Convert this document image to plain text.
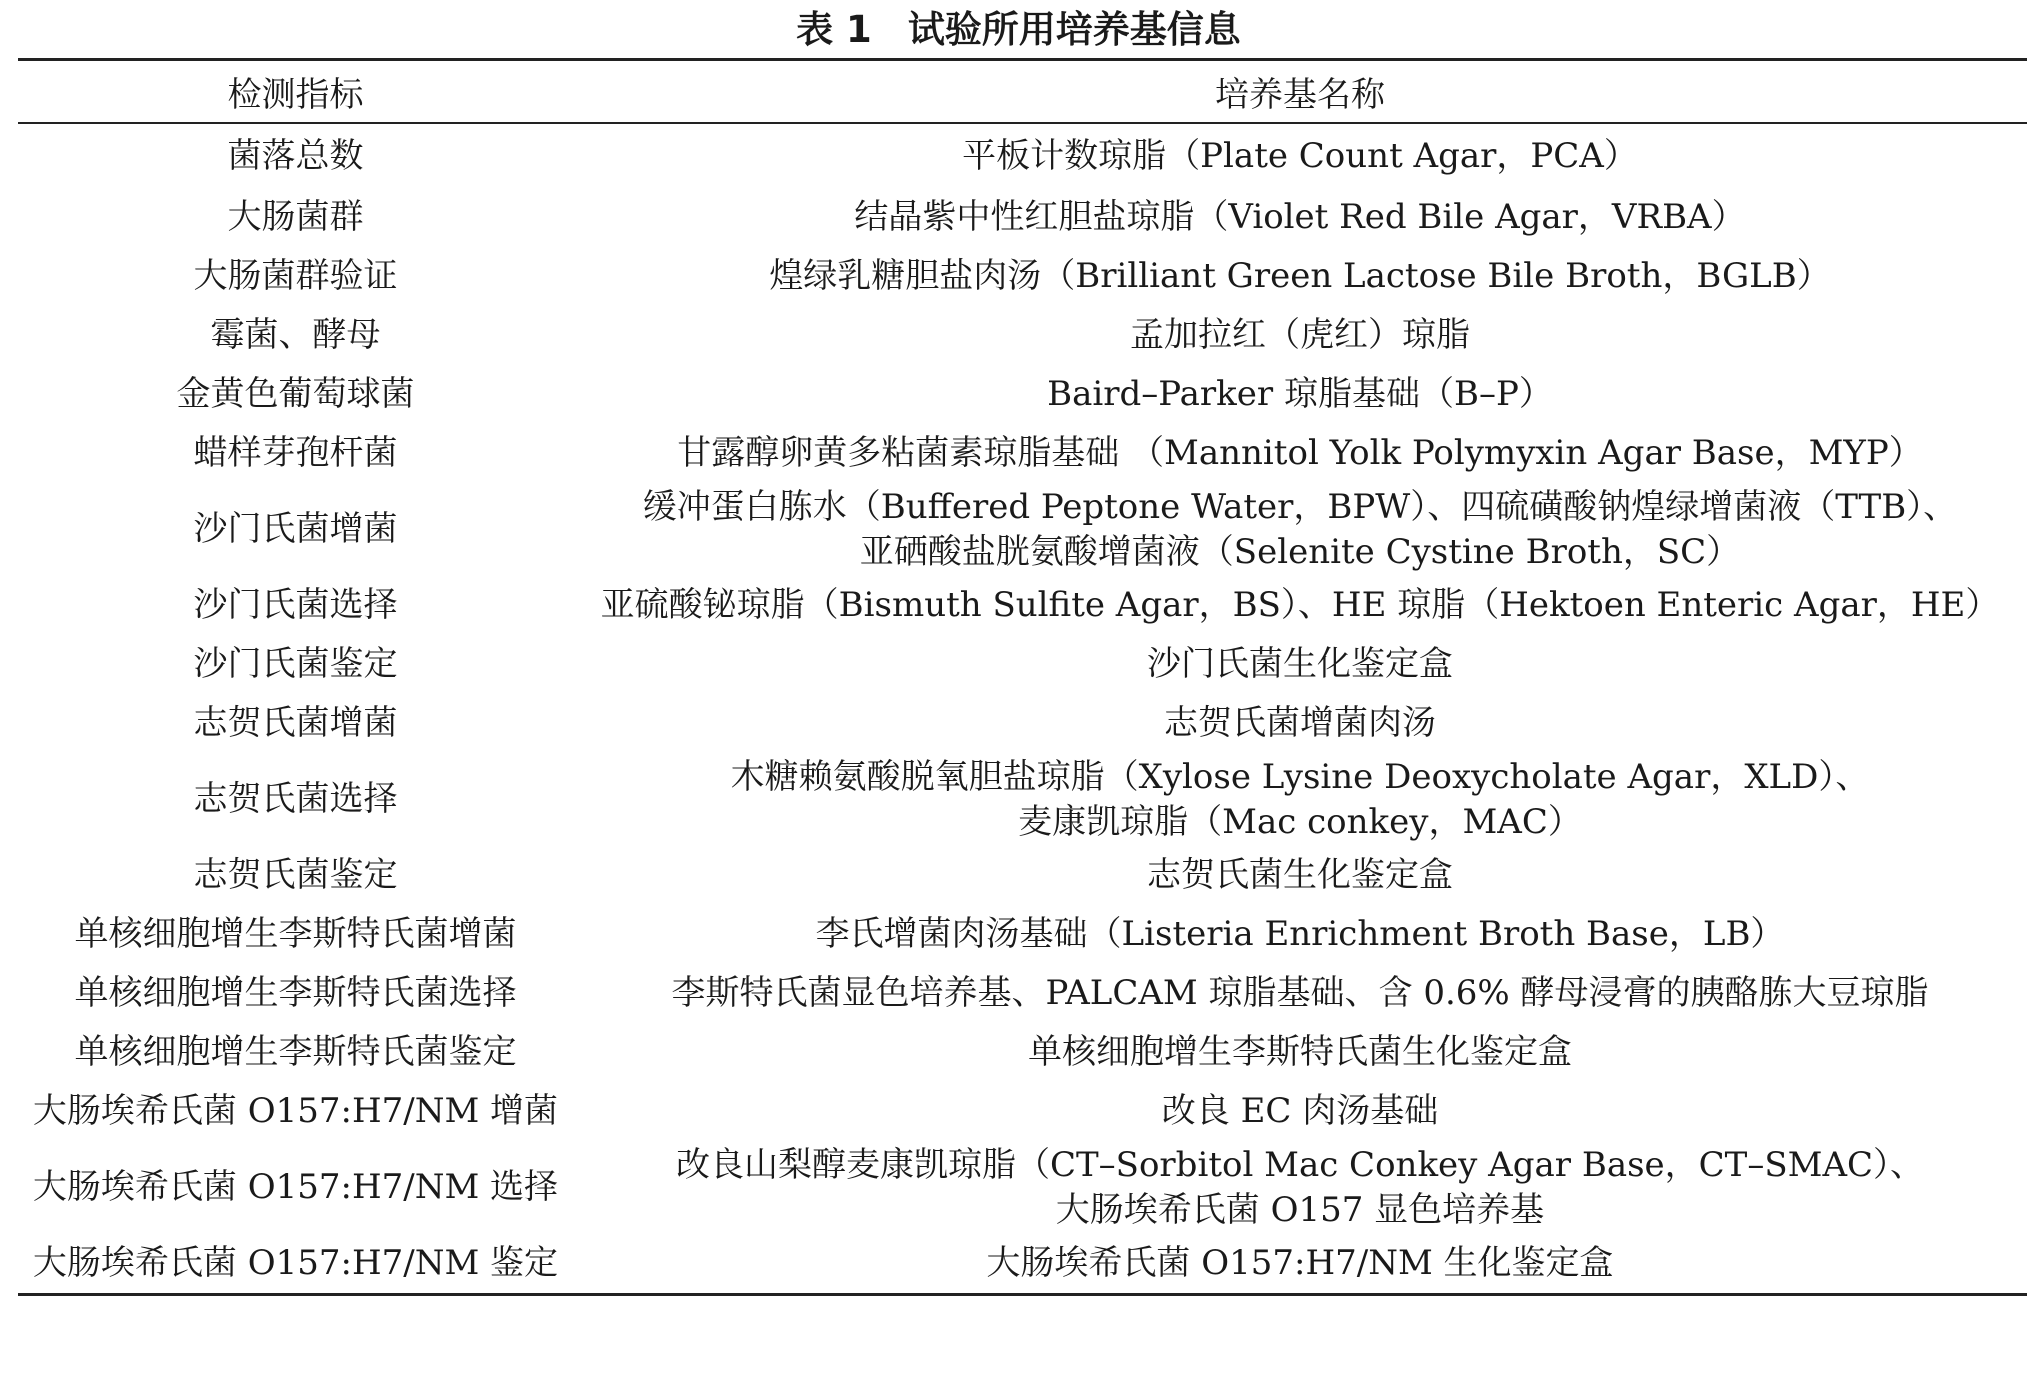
表 1 试验所用培养基信息
检测指标	培养基名称
菌落总数	平板计数琼脂（Plate Count Agar，PCA）
大肠菌群	结晶紫中性红胆盐琼脂（Violet Red Bile Agar，VRBA）
大肠菌群验证	煌绿乳糖胆盐肉汤（Brilliant Green Lactose Bile Broth，BGLB）
霉菌、酵母	孟加拉红（虎红）琼脂
金黄色葡萄球菌	Baird–Parker 琼脂基础（B–P）
蜡样芽孢杆菌	甘露醇卵黄多粘菌素琼脂基础 （Mannitol Yolk Polymyxin Agar Base，MYP）
沙门氏菌增菌	缓冲蛋白胨水（Buffered Peptone Water，BPW）、四硫磺酸钠煌绿增菌液（TTB）、
亚硒酸盐胱氨酸增菌液（Selenite Cystine Broth，SC）

沙门氏菌选择	亚硫酸铋琼脂（Bismuth Sulfite Agar，BS）、HE 琼脂（Hektoen Enteric Agar，HE）
沙门氏菌鉴定	沙门氏菌生化鉴定盒
志贺氏菌增菌	志贺氏菌增菌肉汤
志贺氏菌选择	木糖赖氨酸脱氧胆盐琼脂（Xylose Lysine Deoxycholate Agar，XLD）、
麦康凯琼脂（Mac conkey，MAC）

志贺氏菌鉴定	志贺氏菌生化鉴定盒
单核细胞增生李斯特氏菌增菌	李氏增菌肉汤基础（Listeria Enrichment Broth Base，LB）
单核细胞增生李斯特氏菌选择	李斯特氏菌显色培养基、PALCAM 琼脂基础、含 0.6% 酵母浸膏的胰酪胨大豆琼脂
单核细胞增生李斯特氏菌鉴定	单核细胞增生李斯特氏菌生化鉴定盒
大肠埃希氏菌 O157:H7/NM 增菌	改良 EC 肉汤基础
大肠埃希氏菌 O157:H7/NM 选择	改良山梨醇麦康凯琼脂（CT–Sorbitol Mac Conkey Agar Base，CT–SMAC）、
大肠埃希氏菌 O157 显色培养基

大肠埃希氏菌 O157:H7/NM 鉴定	大肠埃希氏菌 O157:H7/NM 生化鉴定盒
